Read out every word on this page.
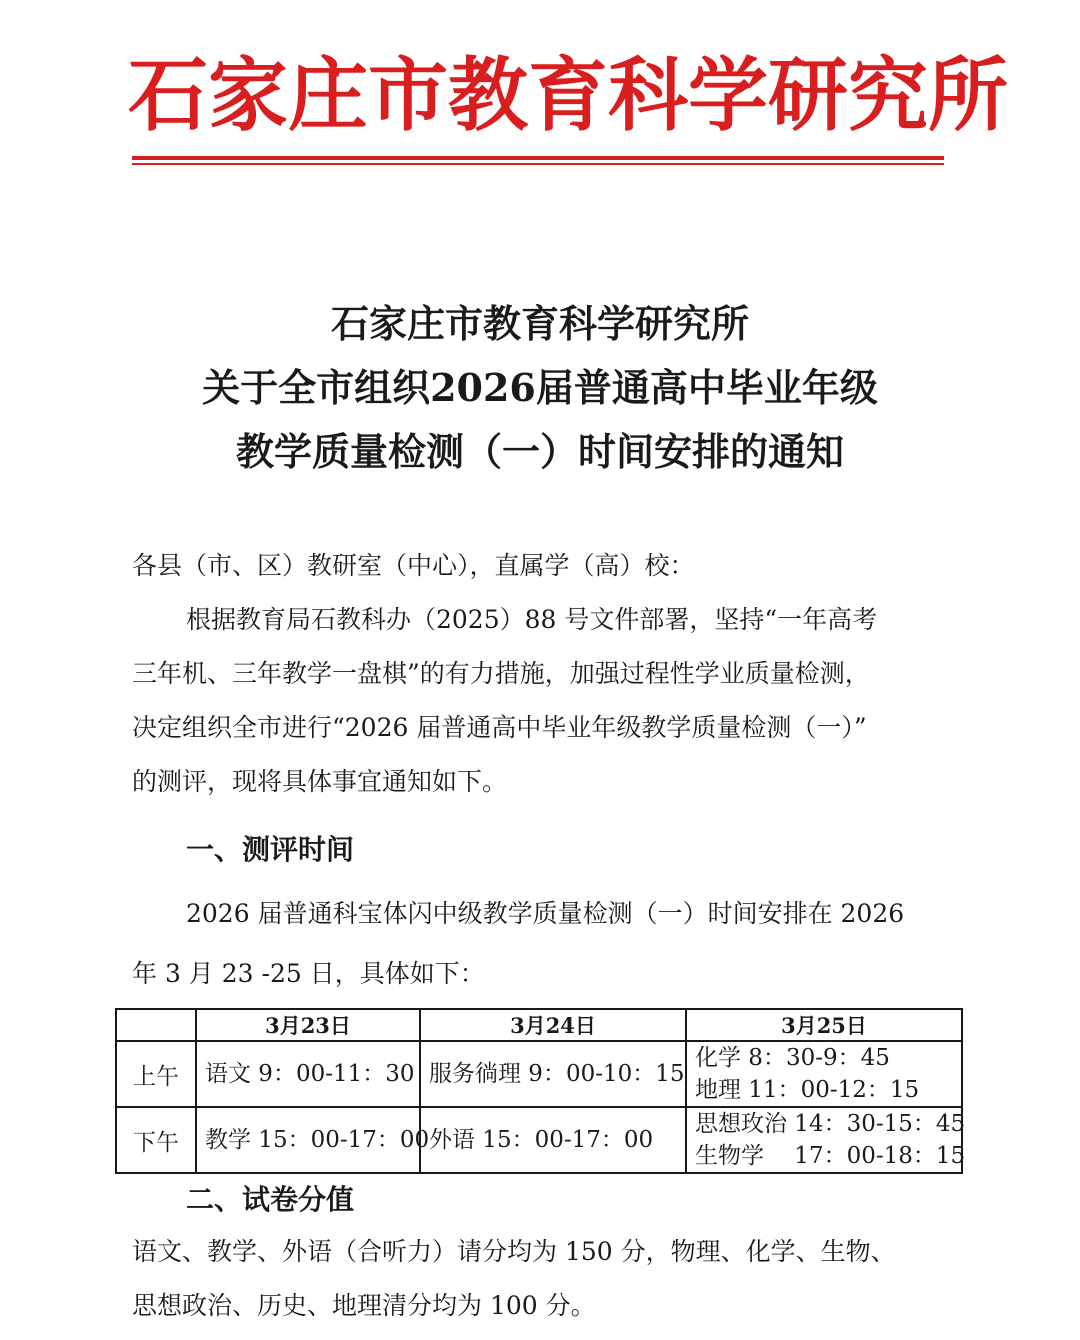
石家庄市教育科学研究所
石家庄市教育科学研究所
关于全市组织2026届普通高中毕业年级
教学质量检测（一）时间安排的通知
各县（市、区）教研室（中心），直属学（高）校：
根据教育局石教科办（2025）88 号文件部署，坚持“一年高考
三年机、三年教学一盘棋”的有力措施，加强过程性学业质量检测，
决定组织全市进行“2026 届普通高中毕业年级教学质量检测（一）”
的测评，现将具体事宜通知如下。
一、测评时间
2026 届普通科宝体闪中级教学质量检测（一）时间安排在 2026
年 3 月 23 -25 日，具体如下：
	3月23日	3月24日	3月25日
上午	语文 9：00-11：30	服务徜理 9：00-10：15	化学 8：30-9：45
地理 11：00-12：15

下午	教学 15：00-17：00	外语 15：00-17：00	思想玫治 14：30-15：45
生物学　 17：00-18：15
二、试卷分值
语文、教学、外语（合听力）请分均为 150 分，物理、化学、生物、
思想政治、历史、地理清分均为 100 分。
